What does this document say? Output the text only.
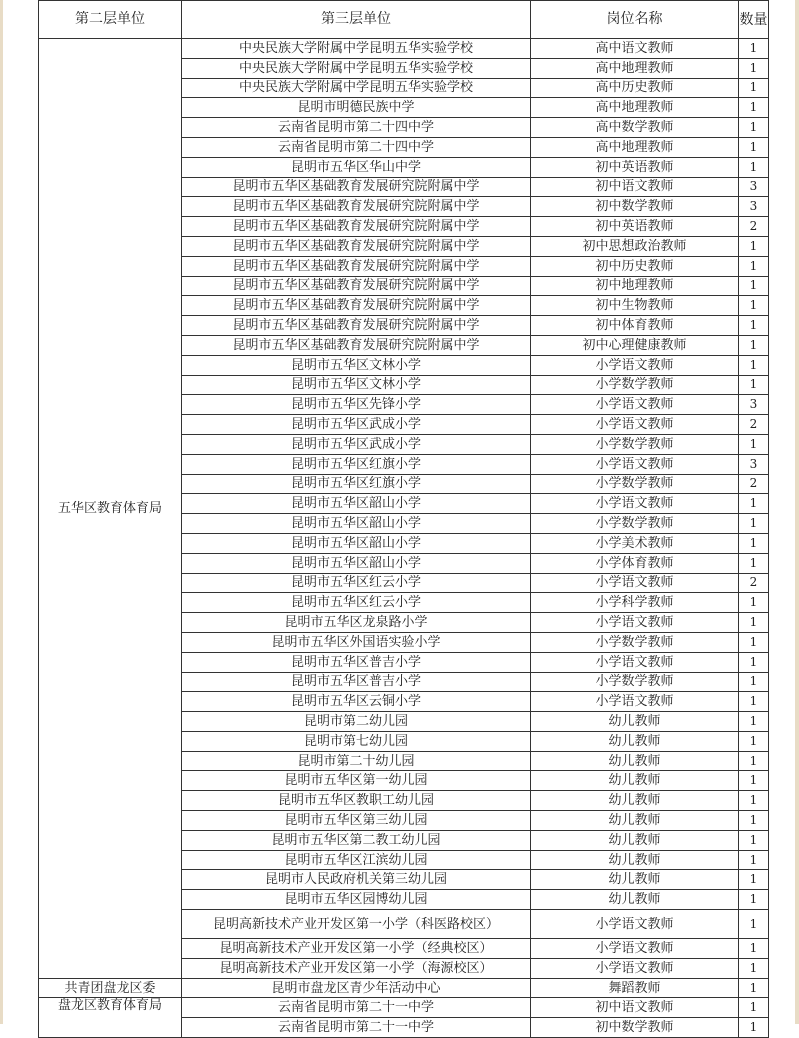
第二层单位	第三层单位	岗位名称	数量
五华区教育体育局	中央民族大学附属中学昆明五华实验学校	高中语文教师	1
	中央民族大学附属中学昆明五华实验学校	高中地理教师	1
	中央民族大学附属中学昆明五华实验学校	高中历史教师	1
	昆明市明德民族中学	高中地理教师	1
	云南省昆明市第二十四中学	高中数学教师	1
	云南省昆明市第二十四中学	高中地理教师	1
	昆明市五华区华山中学	初中英语教师	1
	昆明市五华区基础教育发展研究院附属中学	初中语文教师	3
	昆明市五华区基础教育发展研究院附属中学	初中数学教师	3
	昆明市五华区基础教育发展研究院附属中学	初中英语教师	2
	昆明市五华区基础教育发展研究院附属中学	初中思想政治教师	1
	昆明市五华区基础教育发展研究院附属中学	初中历史教师	1
	昆明市五华区基础教育发展研究院附属中学	初中地理教师	1
	昆明市五华区基础教育发展研究院附属中学	初中生物教师	1
	昆明市五华区基础教育发展研究院附属中学	初中体育教师	1
	昆明市五华区基础教育发展研究院附属中学	初中心理健康教师	1
	昆明市五华区文林小学	小学语文教师	1
	昆明市五华区文林小学	小学数学教师	1
	昆明市五华区先锋小学	小学语文教师	3
	昆明市五华区武成小学	小学语文教师	2
	昆明市五华区武成小学	小学数学教师	1
	昆明市五华区红旗小学	小学语文教师	3
	昆明市五华区红旗小学	小学数学教师	2
	昆明市五华区韶山小学	小学语文教师	1
	昆明市五华区韶山小学	小学数学教师	1
	昆明市五华区韶山小学	小学美术教师	1
	昆明市五华区韶山小学	小学体育教师	1
	昆明市五华区红云小学	小学语文教师	2
	昆明市五华区红云小学	小学科学教师	1
	昆明市五华区龙泉路小学	小学语文教师	1
	昆明市五华区外国语实验小学	小学数学教师	1
	昆明市五华区普吉小学	小学语文教师	1
	昆明市五华区普吉小学	小学数学教师	1
	昆明市五华区云铜小学	小学语文教师	1
	昆明市第二幼儿园	幼儿教师	1
	昆明市第七幼儿园	幼儿教师	1
	昆明市第二十幼儿园	幼儿教师	1
	昆明市五华区第一幼儿园	幼儿教师	1
	昆明市五华区教职工幼儿园	幼儿教师	1
	昆明市五华区第三幼儿园	幼儿教师	1
	昆明市五华区第二教工幼儿园	幼儿教师	1
	昆明市五华区江滨幼儿园	幼儿教师	1
	昆明市人民政府机关第三幼儿园	幼儿教师	1
	昆明市五华区园博幼儿园	幼儿教师	1
	昆明高新技术产业开发区第一小学（科医路校区）	小学语文教师	1
	昆明高新技术产业开发区第一小学（经典校区）	小学语文教师	1
	昆明高新技术产业开发区第一小学（海源校区）	小学语文教师	1
共青团盘龙区委	昆明市盘龙区青少年活动中心	舞蹈教师	1
盘龙区教育体育局	云南省昆明市第二十一中学	初中语文教师	1
	云南省昆明市第二十一中学	初中数学教师	1
